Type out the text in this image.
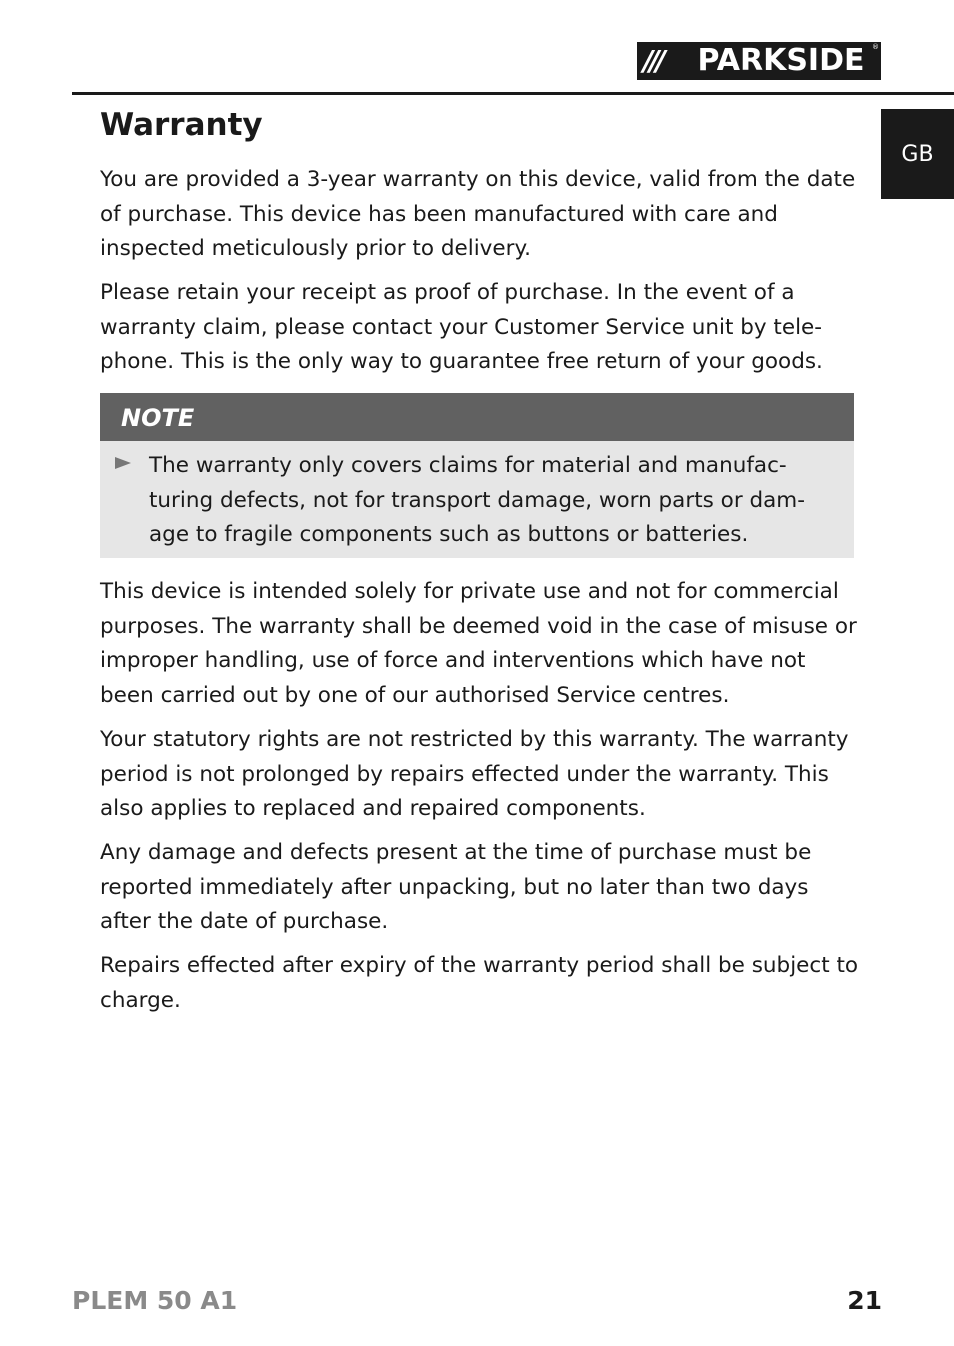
///	PARKSIDE	®
GB
Warranty

You are provided a 3-year warranty on this device, valid from the date of purchase. This device has been manufactured with care and inspected meticulously prior to delivery.

Please retain your receipt as proof of purchase. In the event of a warranty claim, please contact your Customer Service unit by tele-phone. This is the only way to guarantee free return of your goods.

NOTE

The warranty only covers claims for material and manufac-turing defects, not for transport damage, worn parts or dam-age to fragile components such as buttons or batteries.

This device is intended solely for private use and not for commercial purposes. The warranty shall be deemed void in the case of misuse or improper handling, use of force and interventions which have not been carried out by one of our authorised Service centres.

Your statutory rights are not restricted by this warranty. The warranty period is not prolonged by repairs effected under the warranty. This also applies to replaced and repaired components.

Any damage and defects present at the time of purchase must be reported immediately after unpacking, but no later than two days after the date of purchase.

Repairs effected after expiry of the warranty period shall be subject to charge.

PLEM 50 A1	21
